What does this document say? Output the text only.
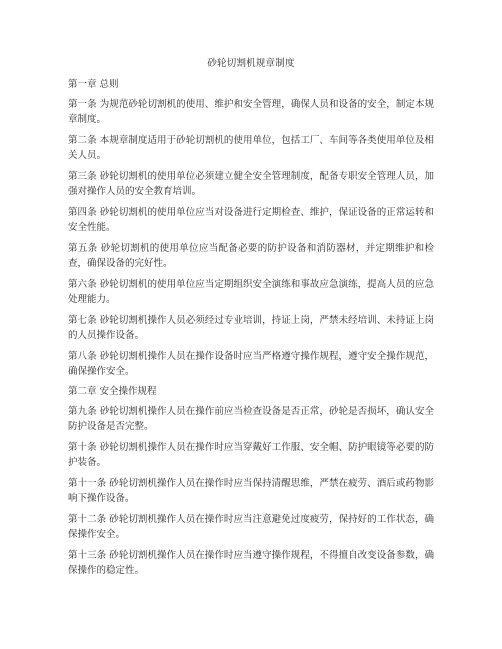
砂轮切割机规章制度
第一章 总则

第一条 为规范砂轮切割机的使用、维护和安全管理，确保人员和设备的安全，制定本规章制度。

第二条 本规章制度适用于砂轮切割机的使用单位，包括工厂、车间等各类使用单位及相关人员。

第三条 砂轮切割机的使用单位必须建立健全安全管理制度，配备专职安全管理人员，加强对操作人员的安全教育培训。

第四条 砂轮切割机的使用单位应当对设备进行定期检查、维护，保证设备的正常运转和安全性能。

第五条 砂轮切割机的使用单位应当配备必要的防护设备和消防器材，并定期维护和检查，确保设备的完好性。

第六条 砂轮切割机的使用单位应当定期组织安全演练和事故应急演练，提高人员的应急处理能力。

第七条 砂轮切割机操作人员必须经过专业培训，持证上岗，严禁未经培训、未持证上岗的人员操作设备。

第八条 砂轮切割机操作人员在操作设备时应当严格遵守操作规程，遵守安全操作规范，确保操作安全。

第二章 安全操作规程

第九条 砂轮切割机操作人员在操作前应当检查设备是否正常，砂轮是否损坏，确认安全防护设备是否完整。

第十条 砂轮切割机操作人员在操作时应当穿戴好工作服、安全帽、防护眼镜等必要的防护装备。

第十一条 砂轮切割机操作人员在操作时应当保持清醒思维，严禁在疲劳、酒后或药物影响下操作设备。

第十二条 砂轮切割机操作人员在操作时应当注意避免过度疲劳，保持好的工作状态，确保操作安全。

第十三条 砂轮切割机操作人员在操作时应当遵守操作规程，不得擅自改变设备参数，确保操作的稳定性。
